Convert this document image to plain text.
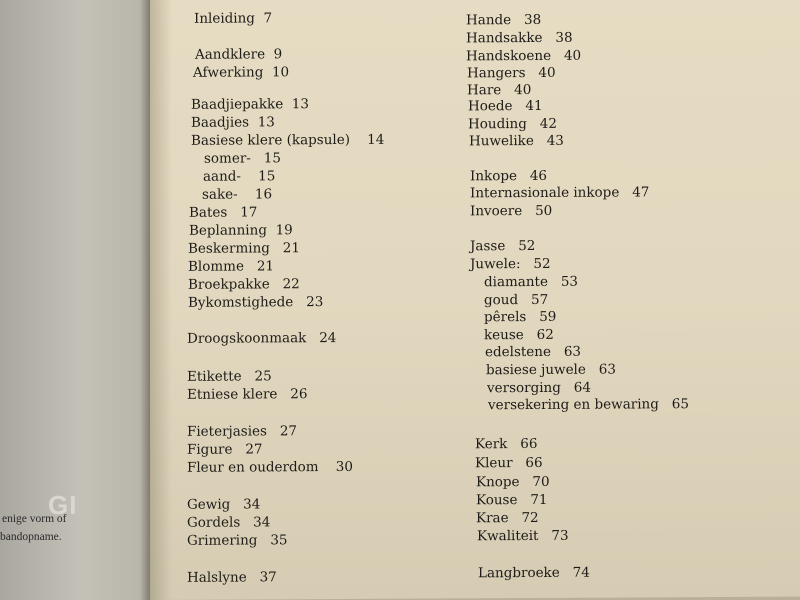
GI
enige vorm of
bandopname.
Inleiding 7
Aandklere 9
Afwerking 10
Baadjiepakke 13
Baadjies 13
Basiese klere (kapsule) 14
somer- 15
aand- 15
sake- 16
Bates 17
Beplanning 19
Beskerming 21
Blomme 21
Broekpakke 22
Bykomstighede 23
Droogskoonmaak 24
Etikette 25
Etniese klere 26
Fieterjasies 27
Figure 27
Fleur en ouderdom 30
Gewig 34
Gordels 34
Grimering 35
Halslyne 37
Hande 38
Handsakke 38
Handskoene 40
Hangers 40
Hare 40
Hoede 41
Houding 42
Huwelike 43
Inkope 46
Internasionale inkope 47
Invoere 50
Jasse 52
Juwele: 52
diamante 53
goud 57
pêrels 59
keuse 62
edelstene 63
basiese juwele 63
versorging 64
versekering en bewaring 65
Kerk 66
Kleur 66
Knope 70
Kouse 71
Krae 72
Kwaliteit 73
Langbroeke 74
